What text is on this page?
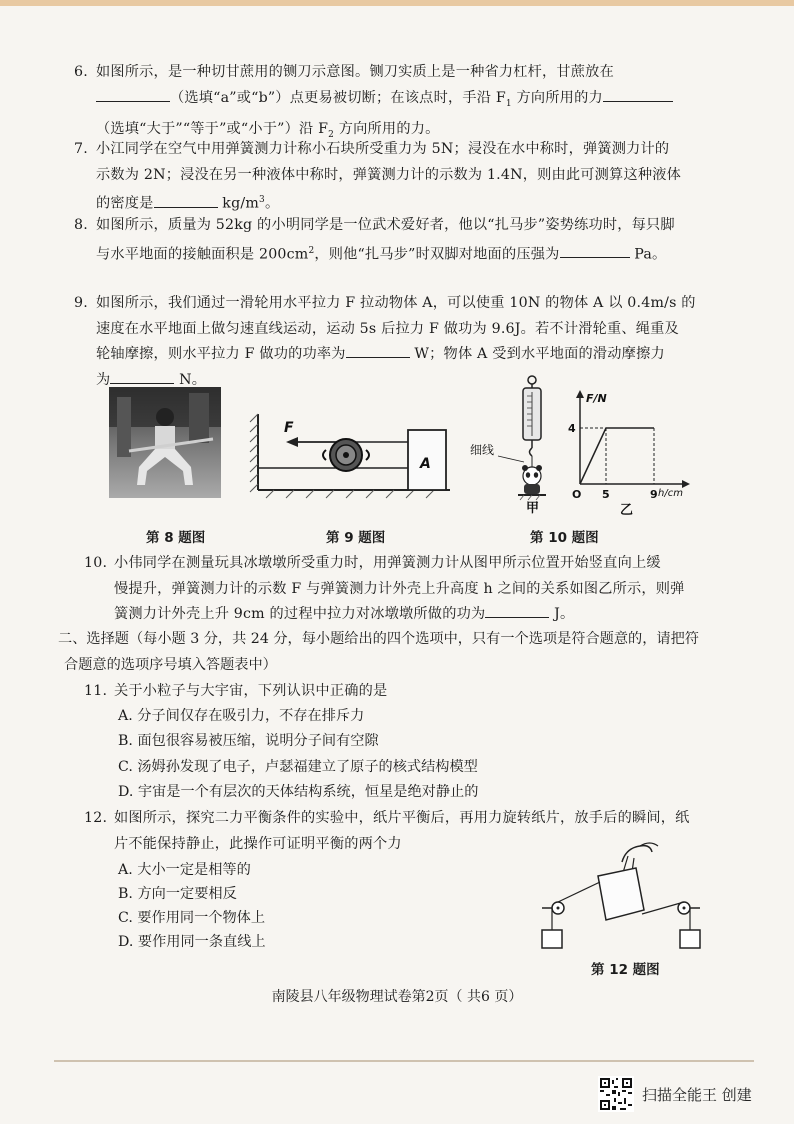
6. 如图所示，是一种切甘蔗用的铡刀示意图。铡刀实质上是一种省力杠杆，甘蔗放在
（选填“a”或“b”）点更易被切断；在该点时，手沿 $F_1$ 方向所用的力
（选填“大于”“等于”或“小于”）沿 $F_2$ 方向所用的力。
7. 小江同学在空气中用弹簧测力计称小石块所受重力为 5N；浸没在水中称时，弹簧测力计的
示数为 2N；浸没在另一种液体中称时，弹簧测力计的示数为 1.4N，则由此可测算这种液体
的密度是	$kg/m^3$。
8. 如图所示，质量为 52kg 的小明同学是一位武术爱好者，他以“扎马步”姿势练功时，每只脚
与水平地面的接触面积是 $200cm^2$，则他“扎马步”时双脚对地面的压强为	Pa。
9. 如图所示，我们通过一滑轮用水平拉力 F 拉动物体 A，可以使重 10N 的物体 A 以 0.4m/s 的
速度在水平地面上做匀速直线运动，运动 5s 后拉力 F 做功为 9.6J。若不计滑轮重、绳重及
轮轴摩擦，则水平拉力 F 做功的功率为	W；物体 A 受到水平地面的滑动摩擦力
为	N。
第 8 题图
F
A
第 9 题图
细线
甲
F/N
4
O 5	9 h/cm
乙
第 10 题图
10. 小伟同学在测量玩具冰墩墩所受重力时，用弹簧测力计从图甲所示位置开始竖直向上缓
慢提升，弹簧测力计的示数 F 与弹簧测力计外壳上升高度 h 之间的关系如图乙所示，则弹
簧测力计外壳上升 9cm 的过程中拉力对冰墩墩所做的功为	J。
二、选择题（每小题 3 分，共 24 分，每小题给出的四个选项中，只有一个选项是符合题意的，请把符
合题意的选项序号填入答题表中）
11. 关于小粒子与大宇宙，下列认识中正确的是
A. 分子间仅存在吸引力，不存在排斥力
B. 面包很容易被压缩，说明分子间有空隙
C. 汤姆孙发现了电子，卢瑟福建立了原子的核式结构模型
D. 宇宙是一个有层次的天体结构系统，恒星是绝对静止的
12. 如图所示，探究二力平衡条件的实验中，纸片平衡后，再用力旋转纸片，放手后的瞬间，纸
片不能保持静止，此操作可证明平衡的两个力
A. 大小一定是相等的
B. 方向一定要相反
C. 要作用同一个物体上
D. 要作用同一条直线上
第 12 题图
南陵县八年级物理试卷第2页（ 共6 页）
扫描全能王 创建
